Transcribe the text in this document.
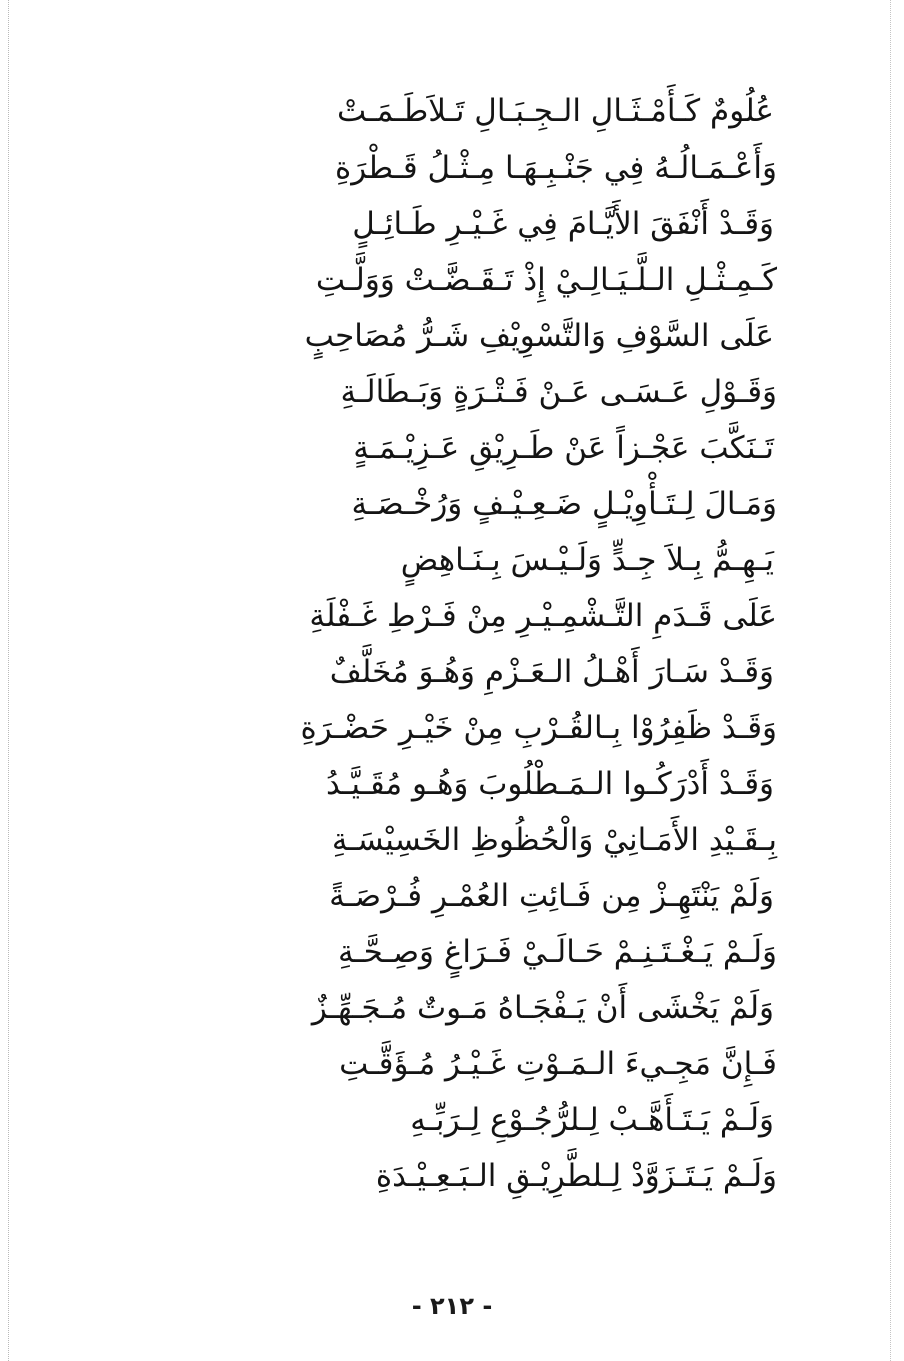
عُلُومٌ كَـأَمْـثَـالِ الـجِـبَـالِ تَـلاَطَـمَـتْ
وَأَعْـمَـالُـهُ فِي جَنْـبِـهَـا مِـثْـلُ قَـطْرَةِ
وَقَـدْ أَنْفَقَ الأَيَّـامَ فِي غَـيْـرِ طَـائِـلٍ
كَـمِـثْـلِ الـلَّـيَـالِـيْ إِذْ تَـقَـضَّـتْ وَوَلَّـتِ
عَلَى السَّوْفِ وَالتَّسْوِيْفِ شَـرُّ مُصَاحِبٍ
وَقَـوْلِ عَـسَـى عَـنْ فَـتْـرَةٍ وَبَـطَالَـةِ
تَـنَكَّبَ عَجْـزاً عَنْ طَـرِيْقِ عَـزِيْـمَـةٍ
وَمَـالَ لِـتَـأْوِيْـلٍ ضَـعِـيْـفٍ وَرُخْـصَـةِ
يَـهِـمُّ بِـلاَ جِـدٍّ وَلَـيْـسَ بِـنَـاهِضٍ
عَلَى قَـدَمِ التَّـشْمِـيْـرِ مِنْ فَـرْطِ غَـفْلَةِ
وَقَـدْ سَـارَ أَهْـلُ الـعَـزْمِ وَهُـوَ مُخَلَّفٌ
وَقَـدْ ظَفِرُوْا بِـالقُـرْبِ مِنْ خَيْـرِ حَضْـرَةِ
وَقَـدْ أَدْرَكُـوا الـمَـطْلُوبَ وَهُـو مُقَـيَّـدُ
بِـقَـيْدِ الأَمَـانِيْ وَالْحُظُوظِ الخَسِيْسَـةِ
وَلَمْ يَنْتَهِـزْ مِن فَـائِتِ العُمْـرِ فُـرْصَـةً
وَلَـمْ يَـغْـتَـنِـمْ حَـالَـيْ فَـرَاغٍ وَصِـحَّـةِ
وَلَمْ يَخْشَى أَنْ يَـفْجَـاهُ مَـوتٌ مُـجَـهِّـزٌ
فَـإِنَّ مَجِـيءَ الـمَـوْتِ غَـيْـرُ مُـؤَقَّـتِ
وَلَـمْ يَـتَـأَهَّـبْ لِـلرُّجُـوْعِ لِـرَبِّـهِ
وَلَـمْ يَـتَـزَوَّدْ لِـلطَّرِيْـقِ الـبَـعِـيْـدَةِ
- ٢١٢ -
